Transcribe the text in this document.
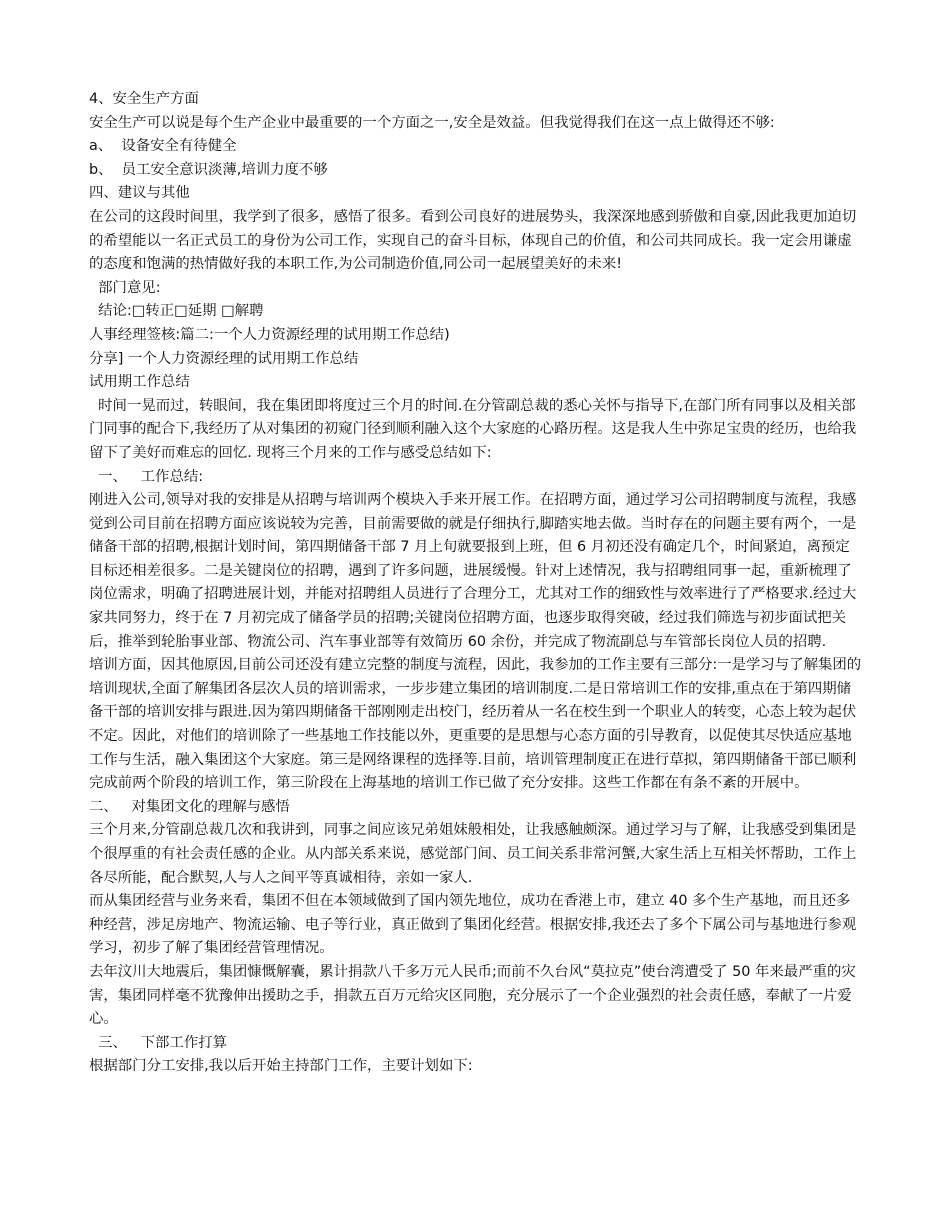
4、安全生产方面

安全生产可以说是每个生产企业中最重要的一个方面之一,安全是效益。但我觉得我们在这一点上做得还不够:

a、  设备安全有待健全

b、  员工安全意识淡薄,培训力度不够

四、建议与其他

在公司的这段时间里，我学到了很多，感悟了很多。看到公司良好的进展势头，我深深地感到骄傲和自豪,因此我更加迫切的希望能以一名正式员工的身份为公司工作，实现自己的奋斗目标，体现自己的价值，和公司共同成长。我一定会用谦虚的态度和饱满的热情做好我的本职工作,为公司制造价值,同公司一起展望美好的未来!

部门意见:

结论:□转正□延期 □解聘

人事经理签核:篇二:一个人力资源经理的试用期工作总结)

分享] 一个人力资源经理的试用期工作总结

试用期工作总结

时间一晃而过，转眼间，我在集团即将度过三个月的时间.在分管副总裁的悉心关怀与指导下,在部门所有同事以及相关部门同事的配合下,我经历了从对集团的初窥门径到顺利融入这个大家庭的心路历程。这是我人生中弥足宝贵的经历，也给我留下了美好而难忘的回忆. 现将三个月来的工作与感受总结如下:

一、   工作总结:

刚进入公司,领导对我的安排是从招聘与培训两个模块入手来开展工作。在招聘方面，通过学习公司招聘制度与流程，我感觉到公司目前在招聘方面应该说较为完善，目前需要做的就是仔细执行,脚踏实地去做。当时存在的问题主要有两个，一是储备干部的招聘,根据计划时间，第四期储备干部 7 月上旬就要报到上班，但 6 月初还没有确定几个，时间紧迫，离预定目标还相差很多。二是关键岗位的招聘，遇到了许多问题，进展缓慢。针对上述情况，我与招聘组同事一起，重新梳理了岗位需求，明确了招聘进展计划，并能对招聘组人员进行了合理分工，尤其对工作的细致性与效率进行了严格要求.经过大家共同努力，终于在 7 月初完成了储备学员的招聘;关键岗位招聘方面，也逐步取得突破，经过我们筛选与初步面试把关后，推举到轮胎事业部、物流公司、汽车事业部等有效简历 60 余份，并完成了物流副总与车管部长岗位人员的招聘.

培训方面，因其他原因,目前公司还没有建立完整的制度与流程，因此，我参加的工作主要有三部分:一是学习与了解集团的培训现状,全面了解集团各层次人员的培训需求，一步步建立集团的培训制度.二是日常培训工作的安排,重点在于第四期储备干部的培训安排与跟进.因为第四期储备干部刚刚走出校门，经历着从一名在校生到一个职业人的转变，心态上较为起伏不定。因此，对他们的培训除了一些基地工作技能以外，更重要的是思想与心态方面的引导教育，以促使其尽快适应基地工作与生活，融入集团这个大家庭。第三是网络课程的选择等.目前，培训管理制度正在进行草拟，第四期储备干部已顺利完成前两个阶段的培训工作，第三阶段在上海基地的培训工作已做了充分安排。这些工作都在有条不紊的开展中。

二、   对集团文化的理解与感悟

三个月来,分管副总裁几次和我讲到，同事之间应该兄弟姐妹般相处，让我感触颇深。通过学习与了解，让我感受到集团是个很厚重的有社会责任感的企业。从内部关系来说，感觉部门间、员工间关系非常河蟹,大家生活上互相关怀帮助，工作上各尽所能，配合默契,人与人之间平等真诚相待，亲如一家人.

而从集团经营与业务来看，集团不但在本领域做到了国内领先地位，成功在香港上市，建立 40 多个生产基地，而且还多种经营，涉足房地产、物流运输、电子等行业，真正做到了集团化经营。根据安排,我还去了多个下属公司与基地进行参观学习，初步了解了集团经营管理情况。

去年汶川大地震后，集团慷慨解囊，累计捐款八千多万元人民币;而前不久台风“莫拉克”使台湾遭受了 50 年来最严重的灾害，集团同样毫不犹豫伸出援助之手，捐款五百万元给灾区同胞，充分展示了一个企业强烈的社会责任感，奉献了一片爱心。

三、   下部工作打算

根据部门分工安排,我以后开始主持部门工作，主要计划如下:
